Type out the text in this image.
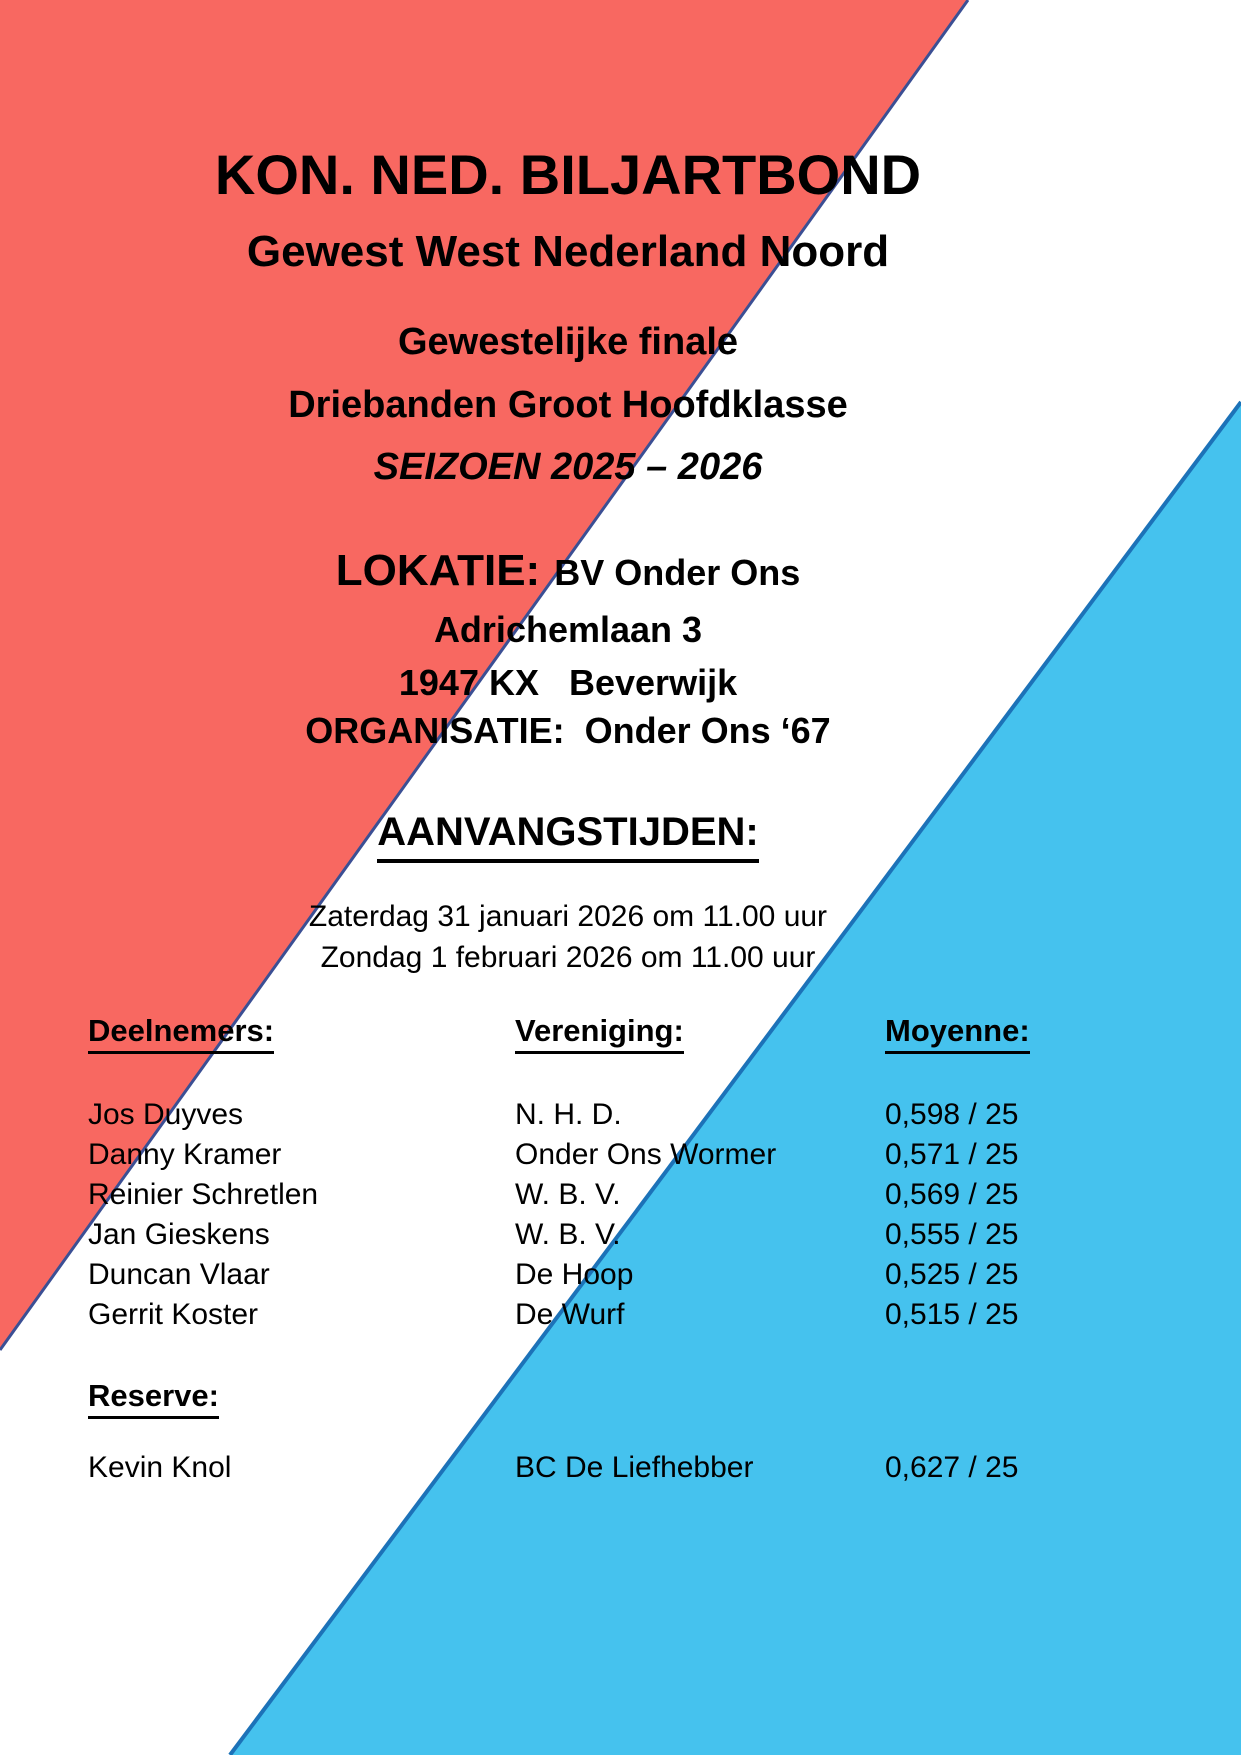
KON. NED. BILJARTBOND
Gewest West Nederland Noord
Gewestelijke finale
Driebanden Groot Hoofdklasse
SEIZOEN 2025 – 2026
LOKATIE: BV Onder Ons
Adrichemlaan 3
1947 KX   Beverwijk
ORGANISATIE:  Onder Ons ‘67
AANVANGSTIJDEN:
Zaterdag 31 januari 2026 om 11.00 uur
Zondag 1 februari 2026 om 11.00 uur
Deelnemers:	Vereniging:	Moyenne:
Jos Duyves	N. H. D.	0,598 / 25
Danny Kramer	Onder Ons Wormer	0,571 / 25
Reinier Schretlen	W. B. V.	0,569 / 25
Jan Gieskens	W. B. V.	0,555 / 25
Duncan Vlaar	De Hoop	0,525 / 25
Gerrit Koster	De Wurf	0,515 / 25
Reserve:
Kevin Knol	BC De Liefhebber	0,627 / 25
